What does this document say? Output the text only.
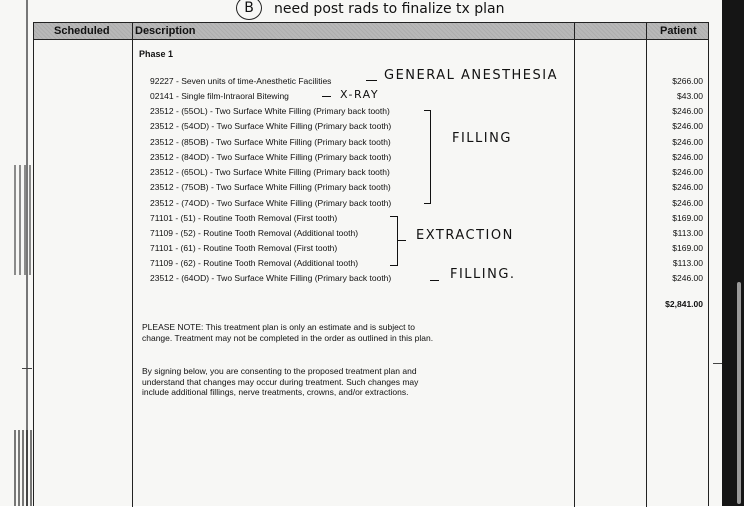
B	need post rads to finalize tx plan
Scheduled Description	Patient
Phase 1
92227 - Seven units of time-Anesthetic Facilities	$266.00
02141 - Single film-Intraoral Bitewing	$43.00
23512 - (55OL) - Two Surface White Filling (Primary back tooth)	$246.00
23512 - (54OD) - Two Surface White Filling (Primary back tooth)	$246.00
23512 - (85OB) - Two Surface White Filling (Primary back tooth)	$246.00
23512 - (84OD) - Two Surface White Filling (Primary back tooth)	$246.00
23512 - (65OL) - Two Surface White Filling (Primary back tooth)	$246.00
23512 - (75OB) - Two Surface White Filling (Primary back tooth)	$246.00
23512 - (74OD) - Two Surface White Filling (Primary back tooth)	$246.00
71101 - (51) - Routine Tooth Removal (First tooth)	$169.00
71109 - (52) - Routine Tooth Removal (Additional tooth)	$113.00
71101 - (61) - Routine Tooth Removal (First tooth)	$169.00
71109 - (62) - Routine Tooth Removal (Additional tooth)	$113.00
23512 - (64OD) - Two Surface White Filling (Primary back tooth)	$246.00
$2,841.00
PLEASE NOTE: This treatment plan is only an estimate and is subject to change. Treatment may not be completed in the order as outlined in this plan.
By signing below, you are consenting to the proposed treatment plan and understand that changes may occur during treatment. Such changes may include additional fillings, nerve treatments, crowns, and/or extractions.
GENERAL ANESTHESIA
X-RAY
FILLING
EXTRACTION
FILLING.
